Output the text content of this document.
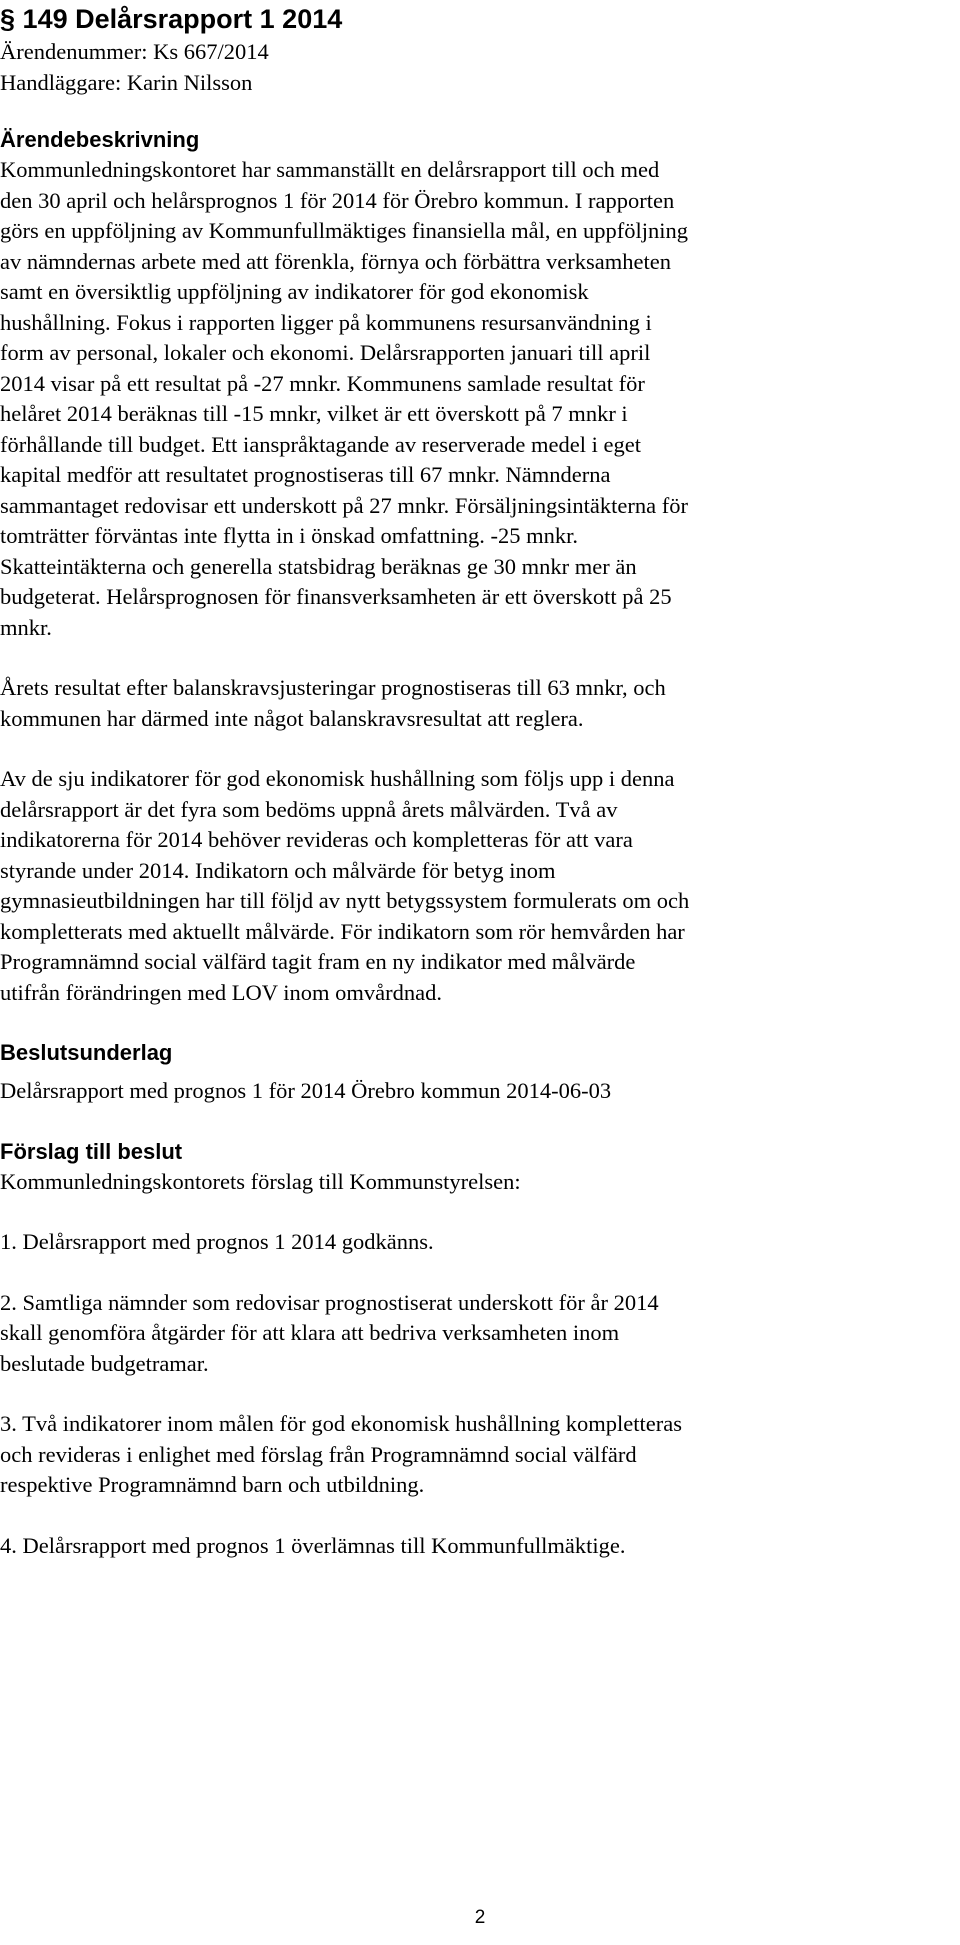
§ 149 Delårsrapport 1 2014
Ärendenummer: Ks 667/2014
Handläggare: Karin Nilsson
Ärendebeskrivning
Kommunledningskontoret har sammanställt en delårsrapport till och med
den 30 april och helårsprognos 1 för 2014 för Örebro kommun. I rapporten
görs en uppföljning av Kommunfullmäktiges finansiella mål, en uppföljning
av nämndernas arbete med att förenkla, förnya och förbättra verksamheten
samt en översiktlig uppföljning av indikatorer för god ekonomisk
hushållning. Fokus i rapporten ligger på kommunens resursanvändning i
form av personal, lokaler och ekonomi. Delårsrapporten januari till april
2014 visar på ett resultat på -27 mnkr. Kommunens samlade resultat för
helåret 2014 beräknas till -15 mnkr, vilket är ett överskott på 7 mnkr i
förhållande till budget. Ett ianspråktagande av reserverade medel i eget
kapital medför att resultatet prognostiseras till 67 mnkr. Nämnderna
sammantaget redovisar ett underskott på 27 mnkr. Försäljningsintäkterna för
tomträtter förväntas inte flytta in i önskad omfattning. -25 mnkr.
Skatteintäkterna och generella statsbidrag beräknas ge 30 mnkr mer än
budgeterat. Helårsprognosen för finansverksamheten är ett överskott på 25
mnkr.
Årets resultat efter balanskravsjusteringar prognostiseras till 63 mnkr, och
kommunen har därmed inte något balanskravsresultat att reglera.
Av de sju indikatorer för god ekonomisk hushållning som följs upp i denna
delårsrapport är det fyra som bedöms uppnå årets målvärden. Två av
indikatorerna för 2014 behöver revideras och kompletteras för att vara
styrande under 2014. Indikatorn och målvärde för betyg inom
gymnasieutbildningen har till följd av nytt betygssystem formulerats om och
kompletterats med aktuellt målvärde. För indikatorn som rör hemvården har
Programnämnd social välfärd tagit fram en ny indikator med målvärde
utifrån förändringen med LOV inom omvårdnad.
Beslutsunderlag
Delårsrapport med prognos 1 för 2014 Örebro kommun 2014-06-03
Förslag till beslut
Kommunledningskontorets förslag till Kommunstyrelsen:
1. Delårsrapport med prognos 1 2014 godkänns.
2. Samtliga nämnder som redovisar prognostiserat underskott för år 2014
skall genomföra åtgärder för att klara att bedriva verksamheten inom
beslutade budgetramar.
3. Två indikatorer inom målen för god ekonomisk hushållning kompletteras
och revideras i enlighet med förslag från Programnämnd social välfärd
respektive Programnämnd barn och utbildning.
4. Delårsrapport med prognos 1 överlämnas till Kommunfullmäktige.
2
